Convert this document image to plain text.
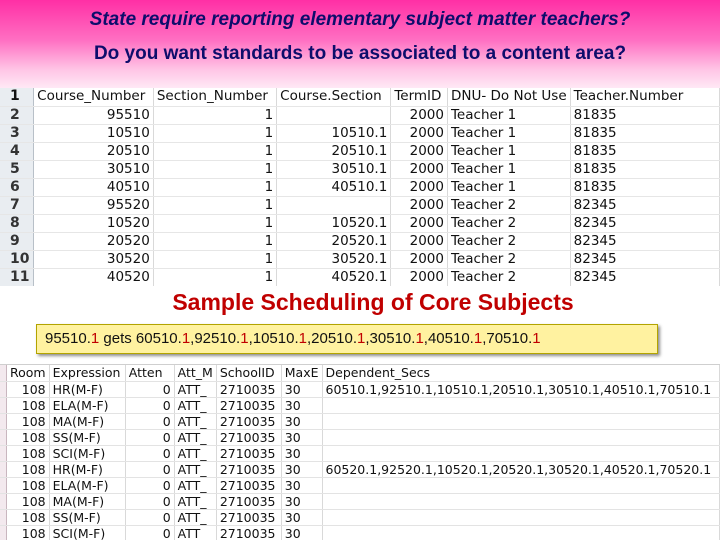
State require reporting elementary subject matter teachers?
Do you want standards to be associated to a content area?
1	Course_Number	Section_Number	Course.Section	TermID	DNU- Do Not Use	Teacher.Number
2	95510	1		2000	Teacher 1	81835
3	10510	1	10510.1	2000	Teacher 1	81835
4	20510	1	20510.1	2000	Teacher 1	81835
5	30510	1	30510.1	2000	Teacher 1	81835
6	40510	1	40510.1	2000	Teacher 1	81835
7	95520	1		2000	Teacher 2	82345
8	10520	1	10520.1	2000	Teacher 2	82345
9	20520	1	20520.1	2000	Teacher 2	82345
10	30520	1	30520.1	2000	Teacher 2	82345
11	40520	1	40520.1	2000	Teacher 2	82345
Sample Scheduling of Core Subjects
95510.1 gets 60510.1,92510.1,10510.1,20510.1,30510.1,40510.1,70510.1
	Room	Expression	Atten	Att_M	SchoolID	MaxE	Dependent_Secs
	108	HR(M-F)	0	ATT_	2710035	30	60510.1,92510.1,10510.1,20510.1,30510.1,40510.1,70510.1
	108	ELA(M-F)	0	ATT_	2710035	30	
	108	MA(M-F)	0	ATT_	2710035	30	
	108	SS(M-F)	0	ATT_	2710035	30	
	108	SCI(M-F)	0	ATT_	2710035	30	
	108	HR(M-F)	0	ATT_	2710035	30	60520.1,92520.1,10520.1,20520.1,30520.1,40520.1,70520.1
	108	ELA(M-F)	0	ATT_	2710035	30	
	108	MA(M-F)	0	ATT_	2710035	30	
	108	SS(M-F)	0	ATT_	2710035	30	
	108	SCI(M-F)	0	ATT_	2710035	30	
